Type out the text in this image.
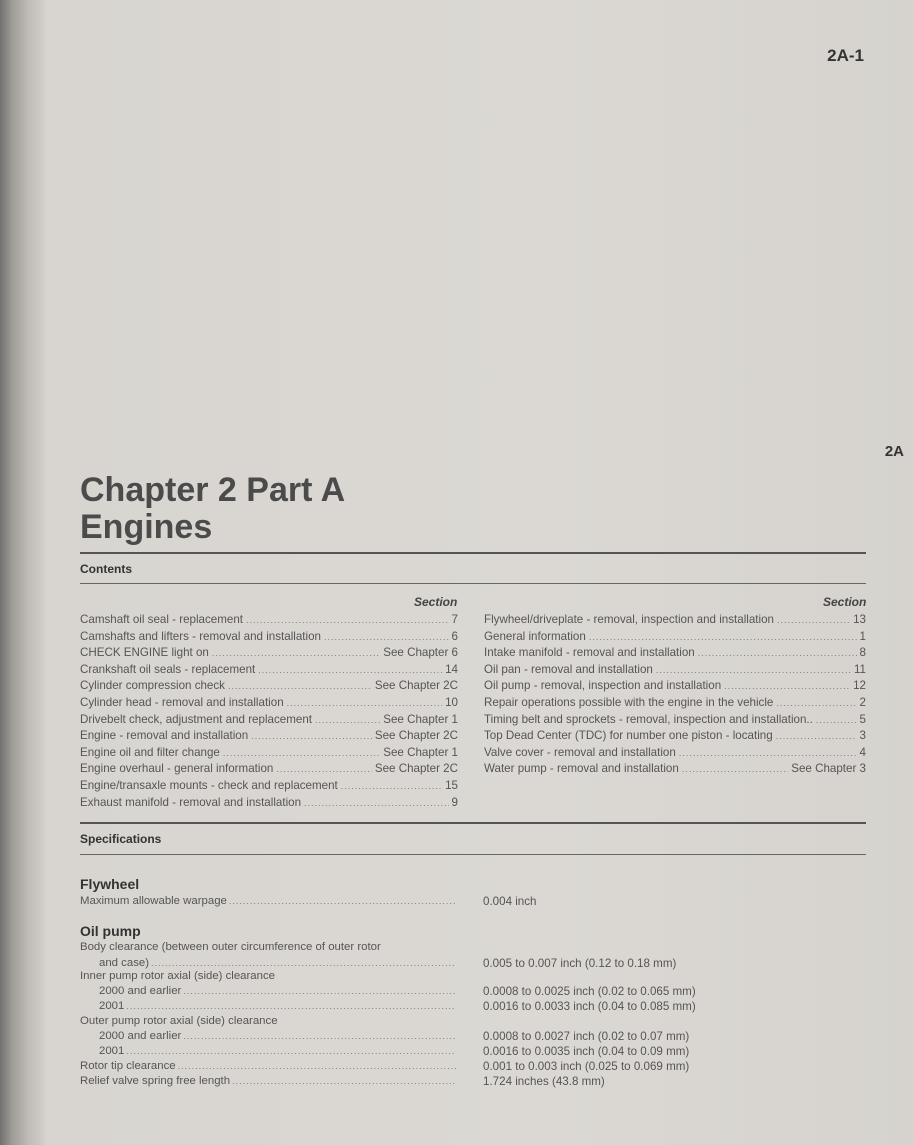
2A-1
2A
Chapter 2 Part A
Engines
Contents
Section	Section
Camshaft oil seal - replacement .....	7
Camshafts and lifters - removal and installation .....	6
CHECK ENGINE light on .....	See Chapter 6
Crankshaft oil seals - replacement .....	14
Cylinder compression check .....	See Chapter 2C
Cylinder head - removal and installation .....	10
Drivebelt check, adjustment and replacement .....	See Chapter 1
Engine - removal and installation .....	See Chapter 2C
Engine oil and filter change .....	See Chapter 1
Engine overhaul - general information .....	See Chapter 2C
Engine/transaxle mounts - check and replacement .....	15
Exhaust manifold - removal and installation .....	9
Flywheel/driveplate - removal, inspection and installation .....	13
General information .....	1
Intake manifold - removal and installation .....	8
Oil pan - removal and installation .....	11
Oil pump - removal, inspection and installation .....	12
Repair operations possible with the engine in the vehicle .....	2
Timing belt and sprockets - removal, inspection and installation.. .....	5
Top Dead Center (TDC) for number one piston - locating .....	3
Valve cover - removal and installation .....	4
Water pump - removal and installation .....	See Chapter 3
Specifications
Flywheel
Maximum allowable warpage .....	0.004 inch
Oil pump
Body clearance (between outer circumference of outer rotor
and case) .....	0.005 to 0.007 inch (0.12 to 0.18 mm)
Inner pump rotor axial (side) clearance
2000 and earlier .....	0.0008 to 0.0025 inch (0.02 to 0.065 mm)
2001 .....	0.0016 to 0.0033 inch (0.04 to 0.085 mm)
Outer pump rotor axial (side) clearance
2000 and earlier .....	0.0008 to 0.0027 inch (0.02 to 0.07 mm)
2001 .....	0.0016 to 0.0035 inch (0.04 to 0.09 mm)
Rotor tip clearance .....	0.001 to 0.003 inch (0.025 to 0.069 mm)
Relief valve spring free length .....	1.724 inches (43.8 mm)
